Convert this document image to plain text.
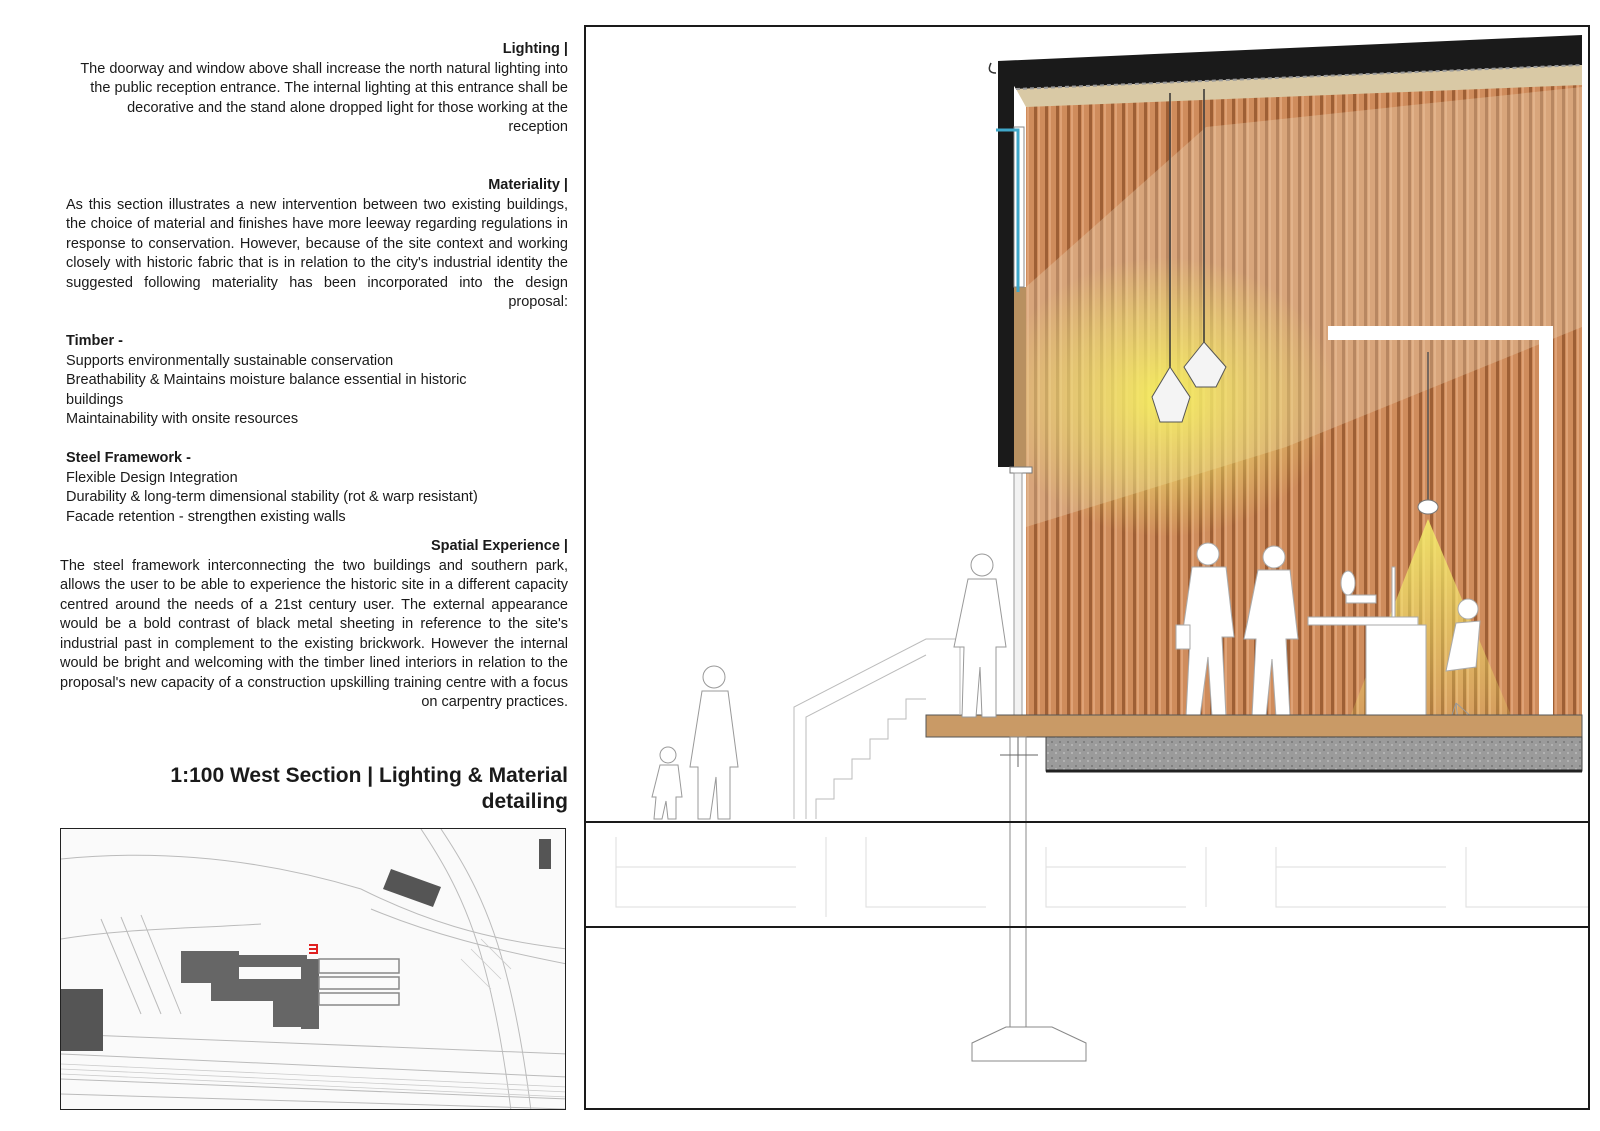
Lighting |
The doorway and window above shall increase the north natural lighting into the public reception entrance. The internal lighting at this entrance shall be decorative and the stand alone dropped light for those working at the reception
Materiality |
As this section illustrates a new intervention between two existing buildings, the choice of material and finishes have more leeway regarding regulations in response to conservation. However, because of the site context and working closely with historic fabric that is in relation to the city's industrial identity the suggested following materiality has been incorporated into the design proposal:
Timber -
Supports environmentally sustainable conservation
Breathability & Maintains moisture balance essential in historic buildings
Maintainability with onsite resources
Steel Framework -
Flexible Design Integration
Durability & long-term dimensional stability (rot & warp resistant)
Facade retention - strengthen existing walls
Spatial Experience |
The steel framework interconnecting the two buildings and southern park, allows the user to be able to experience the historic site in a different capacity centred around the needs of a 21st century user. The external appearance would be a bold contrast of black metal sheeting in reference to the site's industrial past in complement to the existing brickwork. However the internal would be bright and welcoming with the timber lined interiors in relation to the proposal's new capacity of a construction upskilling training centre with a focus on carpentry practices.
1:100 West Section | Lighting & Material
detailing
